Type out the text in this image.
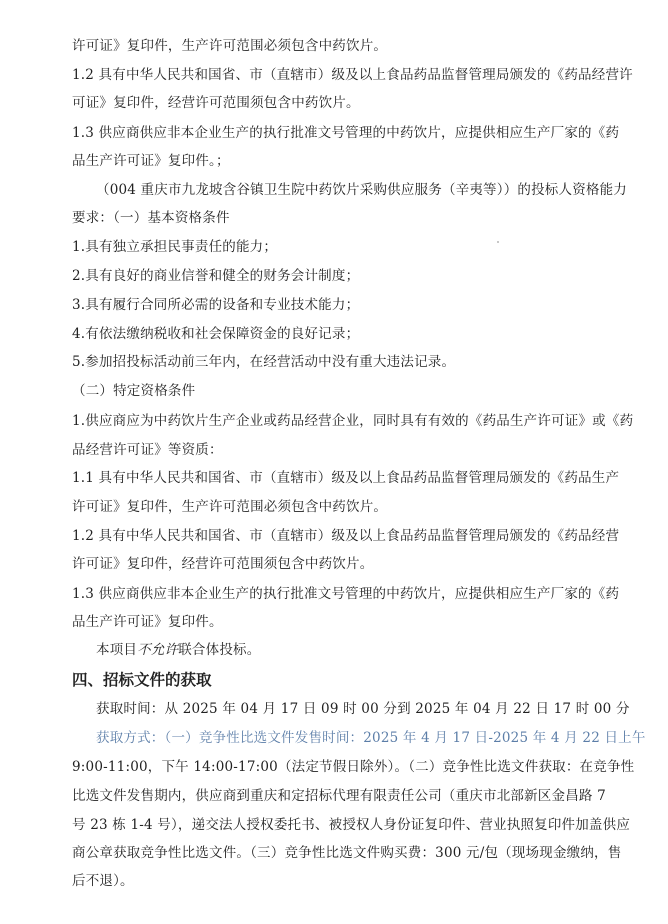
许可证》复印件，生产许可范围必须包含中药饮片。
1.2 具有中华人民共和国省、市（直辖市）级及以上食品药品监督管理局颁发的《药品经营许
可证》复印件，经营许可范围须包含中药饮片。
1.3 供应商供应非本企业生产的执行批准文号管理的中药饮片，应提供相应生产厂家的《药
品生产许可证》复印件。；
（004 重庆市九龙坡含谷镇卫生院中药饮片采购供应服务（辛夷等））的投标人资格能力
要求：（一）基本资格条件
1.具有独立承担民事责任的能力；
2.具有良好的商业信誉和健全的财务会计制度；
3.具有履行合同所必需的设备和专业技术能力；
4.有依法缴纳税收和社会保障资金的良好记录；
5.参加招投标活动前三年内，在经营活动中没有重大违法记录。
（二）特定资格条件
1.供应商应为中药饮片生产企业或药品经营企业，同时具有有效的《药品生产许可证》或《药
品经营许可证》等资质：
1.1 具有中华人民共和国省、市（直辖市）级及以上食品药品监督管理局颁发的《药品生产
许可证》复印件，生产许可范围必须包含中药饮片。
1.2 具有中华人民共和国省、市（直辖市）级及以上食品药品监督管理局颁发的《药品经营
许可证》复印件，经营许可范围须包含中药饮片。
1.3 供应商供应非本企业生产的执行批准文号管理的中药饮片，应提供相应生产厂家的《药
品生产许可证》复印件。
本项目不允许联合体投标。
四、招标文件的获取
获取时间：从 2025 年 04 月 17 日 09 时 00 分到 2025 年 04 月 22 日 17 时 00 分
获取方式：（一）竞争性比选文件发售时间：2025 年 4 月 17 日-2025 年 4 月 22 日上午
9:00-11:00，下午 14:00-17:00（法定节假日除外）。（二）竞争性比选文件获取：在竞争性
比选文件发售期内，供应商到重庆和定招标代理有限责任公司（重庆市北部新区金昌路 7
号 23 栋 1-4 号），递交法人授权委托书、被授权人身份证复印件、营业执照复印件加盖供应
商公章获取竞争性比选文件。（三）竞争性比选文件购买费：300 元/包（现场现金缴纳，售
后不退）。
